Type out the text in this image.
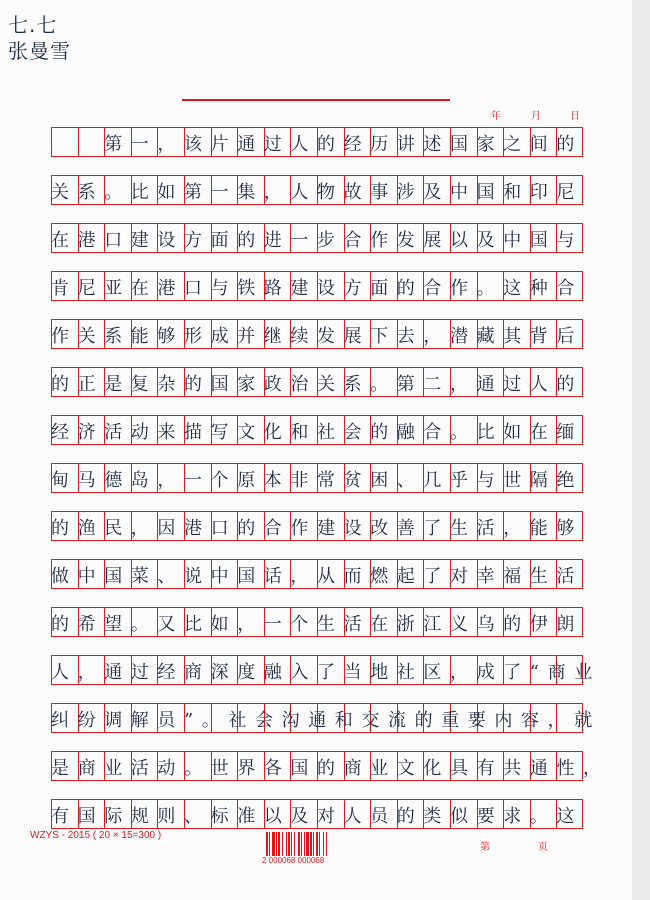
七.七
张曼雪
年	月	日
　　第一，该片通过人的经历讲述国家之间的
关系。比如第一集，人物故事涉及中国和印尼
在港口建设方面的进一步合作发展以及中国与
肯尼亚在港口与铁路建设方面的合作。这种合
作关系能够形成并继续发展下去，潜藏其背后
的正是复杂的国家政治关系。第二，通过人的
经济活动来描写文化和社会的融合。比如在缅
甸马德岛，一个原本非常贫困、几乎与世隔绝
的渔民，因港口的合作建设改善了生活，能够
做中国菜、说中国话，从而燃起了对幸福生活
的希望。又比如，一个生活在浙江义乌的伊朗
人，通过经商深度融入了当地社区，成了“商业
纠纷调解员”。社会沟通和交流的重要内容，就
是商业活动。世界各国的商业文化具有共通性，
有国际规则、标准以及对人员的类似要求。这
WZYS - 2015 ( 20 × 15=300 )
2 000068 000068
第	页
